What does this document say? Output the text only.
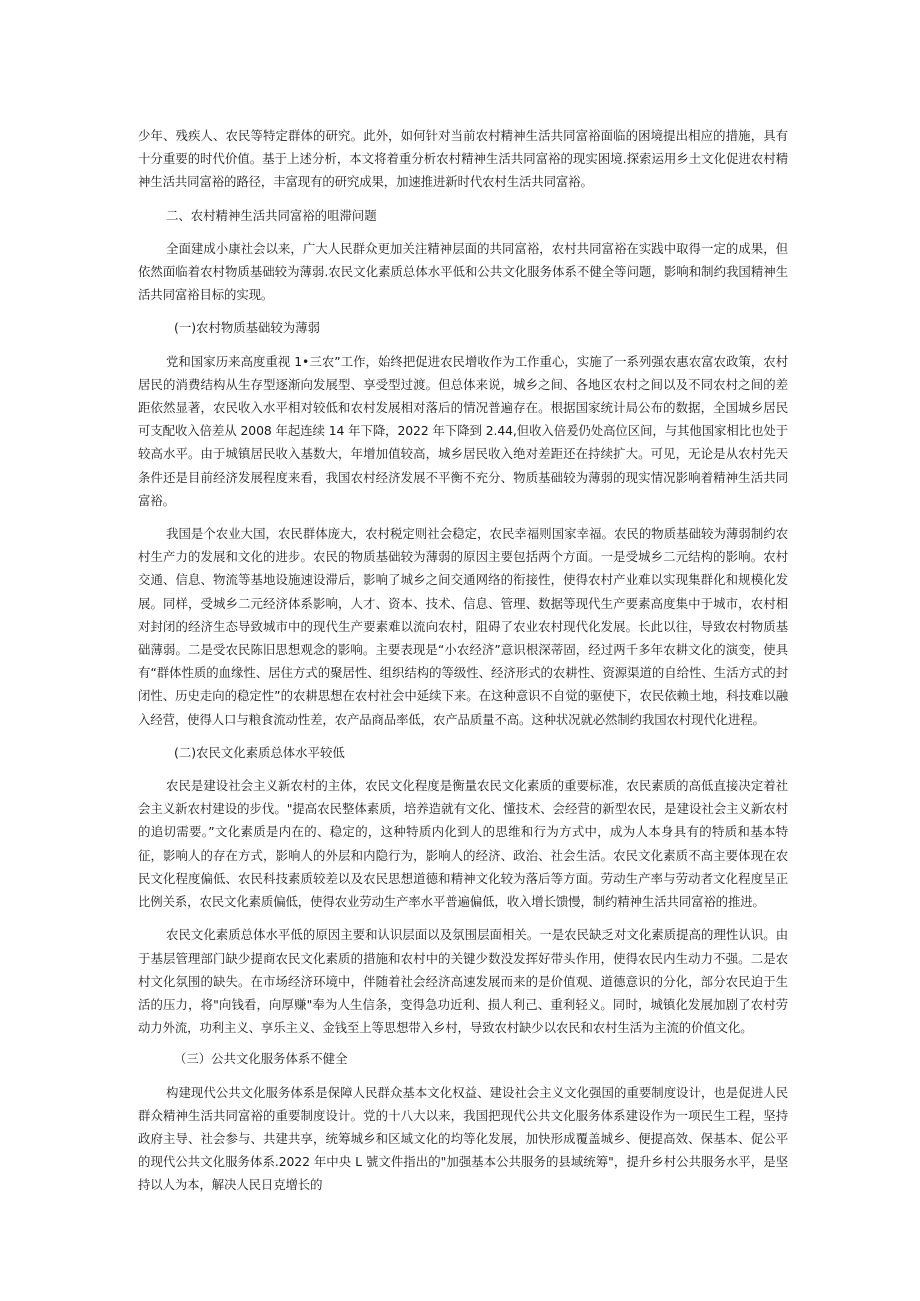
少年、残疾人、农民等特定群体的研究。此外，如何针对当前农村精神生活共同富裕面临的困境提出相应的措施，具有十分重要的时代价值。基于上述分析，本文将着重分析农村精神生活共同富裕的现实困境.探索运用乡土文化促进农村精神生活共同富裕的路径，丰富现有的研究成果，加速推进新时代农村生活共同富裕。

二、农村精神生活共同富裕的咀滞问题

全面建成小康社会以来，广大人民群众更加关注精神层面的共同富裕，农村共同富裕在实践中取得一定的成果，但依然面临着农村物质基础较为薄弱.农民文化素质总体水平低和公共文化服务体系不健全等问题，影响和制约我国精神生活共同富裕目标的实现。

(一)农村物质基础较为薄弱

党和国家历来高度重视 1•三农”工作，始终把促进农民增收作为工作重心，实施了一系列强农惠农富农政策，农村居民的消费结构从生存型逐渐向发展型、享受型过渡。但总体来说，城乡之间、各地区农村之间以及不同农村之间的差距依然显著，农民收入水平相对较低和农村发展相对落后的情况普遍存在。根据国家统计局公布的数据，全国城乡居民可支配收入倍差从 2008 年起连续 14 年下降，2022 年下降到 2.44,但收入倍爰仍处高位区间，与其他国家相比也处于较高水平。由于城镇居民收入基数大，年增加值较高，城乡居民收入绝对差距还在持续扩大。可见，无论是从农村先天条件还是目前经济发展程度来看，我国农村经济发展不平衡不充分、物质基础较为薄弱的现实情况影响着精神生活共同富裕。

我国是个农业大国，农民群体庞大，农村税定则社会稳定，农民幸福则国家幸福。农民的物质基础较为薄弱制约农村生产力的发展和文化的进步。农民的物质基础较为薄弱的原因主要包括两个方面。一是受城乡二元结构的影响。农村交通、信息、物流等基地设施速设滞后，影响了城乡之间交通网络的衔接性，使得农村产业难以实现集群化和规模化发展。同样，受城乡二元经济体系影响，人才、资本、技术、信息、管理、数据等现代生产要素高度集中于城市，农村相对封闭的经济生态导致城市中的现代生产要素难以流向农村，阻碍了农业农村现代化发展。长此以往，导致农村物质基础薄弱。二是受农民陈旧思想观念的影响。主要表现是“小农经济”意识根深蒂固，经过两千多年农耕文化的演变，使具有“群体性质的血缘性、居住方式的聚居性、组织结构的等级性、经济形式的农耕性、资源渠道的自给性、生活方式的封闭性、历史走向的稳定性”的农耕思想在农村社会中延续下来。在这种意识不自觉的驱使下，农民依赖土地，科技难以融入经营，使得人口与粮食流动性差，农产品商品率低，农产品质量不高。这种状况就必然制约我国农村现代化进程。

(二)农民文化素质总体水平较低

农民是建设社会主义新农村的主体，农民文化程度是衡量农民文化素质的重要标准，农民素质的高低直接决定着社会主义新农村建设的步伐。"提高农民整体素质，培养造就有文化、懂技术、会经营的新型农民，是建设社会主义新农村的追切需要。”文化素质是内在的、稳定的，这种特质内化到人的思维和行为方式中，成为人本身具有的特质和基本特征，影响人的存在方式，影响人的外层和内隐行为，影响人的经济、政治、社会生活。农民文化素质不高主要体现在农民文化程度偏低、农民科技素质较差以及农民思想道德和精神文化较为落后等方面。劳动生产率与劳动者文化程度呈正比例关系，农民文化素质偏低，使得农业劳动生产率水平普遍偏低，收入增长馈慢，制约精神生活共同富裕的推进。

农民文化素质总体水平低的原因主要和认识层面以及氛围层面相关。一是农民缺乏对文化素质提高的理性认识。由于基层管理部门缺少提商农民文化素质的措施和农村中的关键少数没发挥好带头作用，使得农民内生动力不强。二是农村文化氛围的缺失。在市场经济环境中，伴随着社会经济高速发展而来的是价值观、道德意识的分化，部分农民迫于生活的压力，将"向钱看，向厚赚"奉为人生信条，变得急功近利、损人利己、重利轻义。同时，城镇化发展加剧了农村劳动力外流，功利主义、享乐主义、金钱至上等思想带入乡村，导致农村缺少以农民和农村生活为主流的价值文化。

（三）公共文化服务体系不健全

构建现代公共文化服务体系是保障人民群众基本文化权益、建设社会主义文化强国的重要制度设计，也是促进人民群众精神生活共同富裕的重要制度设计。党的十八大以来，我国把现代公共文化服务体系建设作为一项民生工程，坚持政府主导、社会参与、共建共享，统筹城乡和区域文化的均等化发展，加快形成覆盖城乡、便提高效、保基本、促公平的现代公共文化服务体系.2022 年中央 L 號文件指出的"加强基本公共服务的县域统筹"，提升乡村公共服务水平，是坚持以人为本，解决人民日克增长的
